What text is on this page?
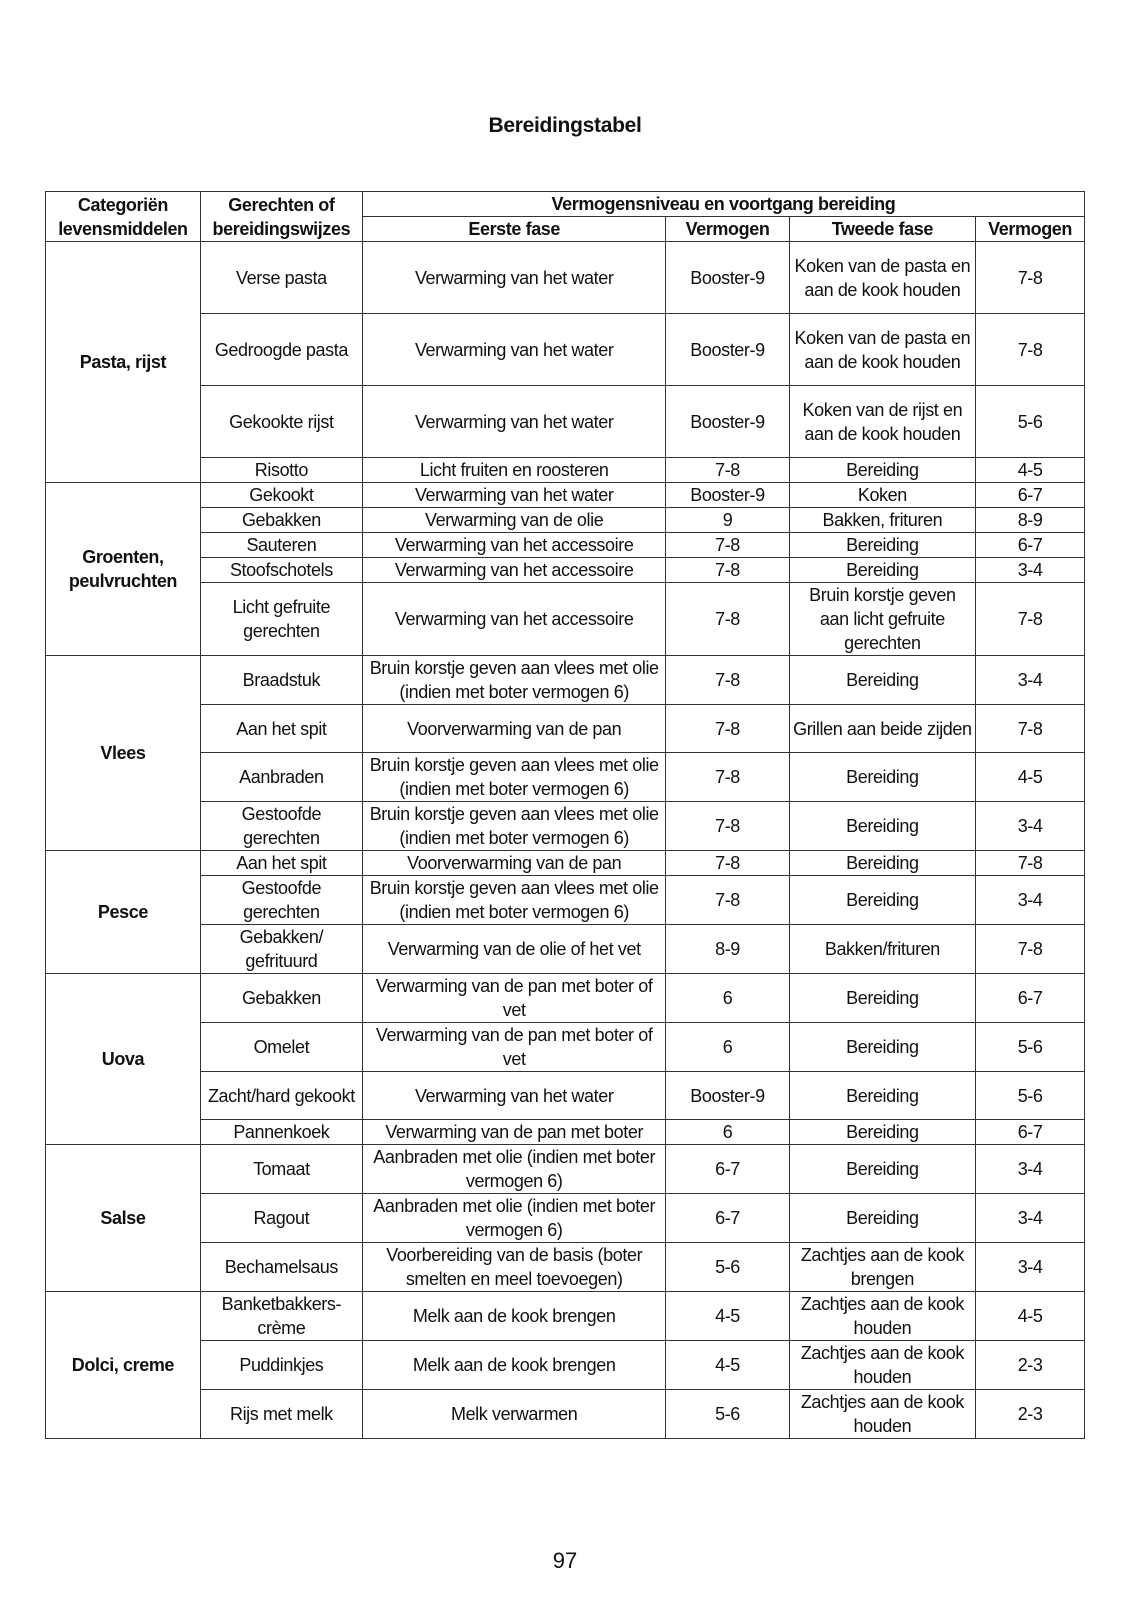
Bereidingstabel
Categoriën levensmiddelen	Gerechten of bereidingswijzes	Vermogensniveau en voortgang bereiding			
		Eerste fase	Vermogen	Tweede fase	Vermogen
Pasta, rijst	Verse pasta	Verwarming van het water	Booster-9	Koken van de pasta en aan de kook houden	7-8
	Gedroogde pasta	Verwarming van het water	Booster-9	Koken van de pasta en aan de kook houden	7-8
	Gekookte rijst	Verwarming van het water	Booster-9	Koken van de rijst en aan de kook houden	5-6
	Risotto	Licht fruiten en roosteren	7-8	Bereiding	4-5
Groenten, peulvruchten	Gekookt	Verwarming van het water	Booster-9	Koken	6-7
	Gebakken	Verwarming van de olie	9	Bakken, frituren	8-9
	Sauteren	Verwarming van het accessoire	7-8	Bereiding	6-7
	Stoofschotels	Verwarming van het accessoire	7-8	Bereiding	3-4
	Licht gefruite gerechten	Verwarming van het accessoire	7-8	Bruin korstje geven aan licht gefruite gerechten	7-8
Vlees	Braadstuk	Bruin korstje geven aan vlees met olie (indien met boter vermogen 6)	7-8	Bereiding	3-4
	Aan het spit	Voorverwarming van de pan	7-8	Grillen aan beide zijden	7-8
	Aanbraden	Bruin korstje geven aan vlees met olie (indien met boter vermogen 6)	7-8	Bereiding	4-5
	Gestoofde gerechten	Bruin korstje geven aan vlees met olie (indien met boter vermogen 6)	7-8	Bereiding	3-4
Pesce	Aan het spit	Voorverwarming van de pan	7-8	Bereiding	7-8
	Gestoofde gerechten	Bruin korstje geven aan vlees met olie (indien met boter vermogen 6)	7-8	Bereiding	3-4
	Gebakken/ gefrituurd	Verwarming van de olie of het vet	8-9	Bakken/frituren	7-8
Uova	Gebakken	Verwarming van de pan met boter of vet	6	Bereiding	6-7
	Omelet	Verwarming van de pan met boter of vet	6	Bereiding	5-6
	Zacht/hard gekookt	Verwarming van het water	Booster-9	Bereiding	5-6
	Pannenkoek	Verwarming van de pan met boter	6	Bereiding	6-7
Salse	Tomaat	Aanbraden met olie (indien met boter vermogen 6)	6-7	Bereiding	3-4
	Ragout	Aanbraden met olie (indien met boter vermogen 6)	6-7	Bereiding	3-4
	Bechamelsaus	Voorbereiding van de basis (boter smelten en meel toevoegen)	5-6	Zachtjes aan de kook brengen	3-4
Dolci, creme	Banketbakkers-crème	Melk aan de kook brengen	4-5	Zachtjes aan de kook houden	4-5
	Puddinkjes	Melk aan de kook brengen	4-5	Zachtjes aan de kook houden	2-3
	Rijs met melk	Melk verwarmen	5-6	Zachtjes aan de kook houden	2-3
97
